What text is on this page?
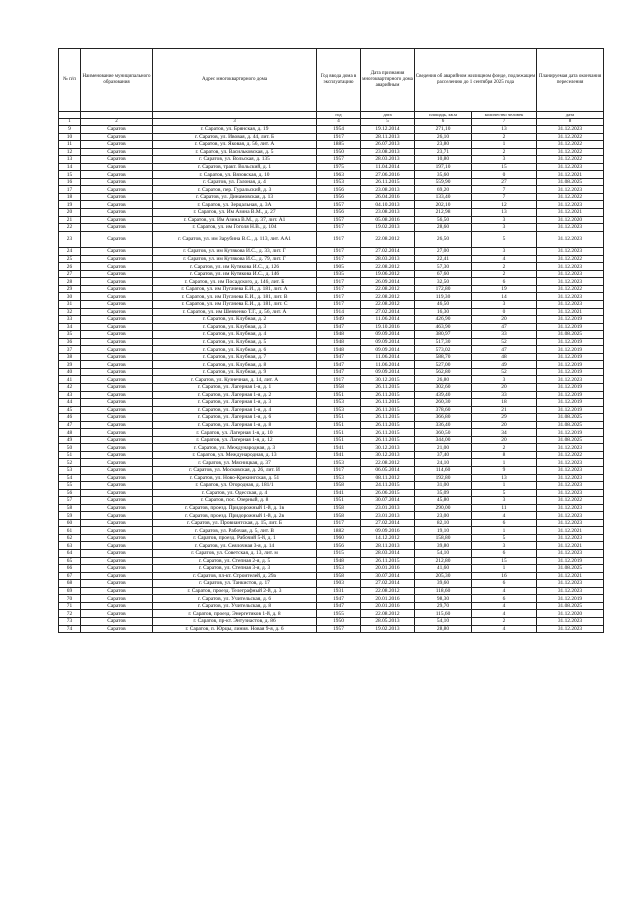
№ п/п	Наименование муниципального образования	Адрес многоквартирного дома	Год ввода дома в эксплуатацию	Дата признания многоквартирного дома аварийным	Сведения об аварийном жилищном фонде, подлежащем расселению до 1 сентября 2025 года		Планируемая дата окончания переселения
			год	дата	площадь, кв.м	количество человек	дата
1	2	3	4	5	6	7	8
9	Саратов	г. Саратов, ул. Брянская, д. 19	1954	19.12.2014	271,10	13	31.12.2023
10	Саратов	г. Саратов, ул. Ивовая, д. 44, лит. Б	1917	28.11.2013	26,10	2	31.12.2022
11	Саратов	г. Саратов, ул. Яковая, д. 56, лит. А	1885	26.07.2013	23,80	1	31.12.2022
12	Саратов	г. Саратов, ул. Васильковская, д. 5	1950	23.08.2013	23,71	2	31.12.2022
13	Саратов	г. Саратов, ул. Вольская, д. 135	1957	28.03.2013	10,80	3	31.12.2022
14	Саратов	г. Саратов, тракт. Вольский, д. 1	1975	11.04.2014	197,10	15	31.12.2023
15	Саратов	г. Саратов, ул. Вязовская, д. 10	1963	27.06.2016	35,60	0	31.12.2021
16	Саратов	г. Саратов, ул. Галоная, д. 4	1953	26.11.2015	559,90	27	31.08.2025
17	Саратов	г. Саратов, пер. Гуральский, д. 3	1956	23.08.2013	69,20	7	31.12.2023
18	Саратов	г. Саратов, ул. Динамовская, д. 13	1956	26.04.2016	133,40	7	31.12.2022
19	Саратов	г. Саратов, ул. Зерцальная, д. 3А	1957	04.10.2013	202,10	12	31.12.2023
20	Саратов	г. Саратов, ул. Им Азина В.М., д. 27	1956	23.08.2013	212,98	13	31.12.2021
21	Саратов	г. Саратов, ул. Им Азина В.М., д. 37, лит. А1	1957	05.08.2016	56,50	3	31.12.2020
22	Саратов	г. Саратов, ул. им Гоголя Н.В., д. 104	1917	19.02.2013	28,60	3	31.12.2023
23	Саратов	г. Саратов, ул. им Зарубина В.С., д. 113, лит. АА1	1917	22.08.2012	26,50	5	31.12.2023
24	Саратов	г. Саратов, ул. им Кутякова И.С., д. 33, лит. Г	1917	27.02.2014	27,00	3	31.12.2023
25	Саратов	г. Саратов, ул. им Кутякова И.С., д. 79, лит. Г	1917	28.03.2013	22,41	4	31.12.2022
26	Саратов	г. Саратов, ул. им Кутякова И.С., д. 126	1905	22.08.2012	57,30	2	31.12.2023
27	Саратов	г. Саратов, ул. им Кутякова И.С., д. 146	1935	19.06.2012	67,60	2	31.12.2023
28	Саратов	г. Саратов, ул. им Посадского, д. 146, лит. Б	1917	26.09.2014	32,50	6	31.12.2023
29	Саратов	г. Саратов, ул. им Пугачева Е.И., д. 181, лит. А	1917	22.08.2012	172,80	19	31.12.2022
30	Саратов	г. Саратов, ул. им Пугачева Е.И., д. 181, лит. В	1917	22.08.2012	119,30	14	31.12.2023
31	Саратов	г. Саратов, ул. им Пугачева Е.И., д. 181, лит. С	1917	22.08.2012	46,50	3	31.12.2023
32	Саратов	г. Саратов, ул. им Шевченко Т.Г., д. 56, лит. А	1914	27.02.2014	16,30	0	31.12.2021
33	Саратов	г. Саратов, ул. Клубная, д. 2	1949	11.06.2014	426,90	20	31.12.2019
34	Саратов	г. Саратов, ул. Клубная, д. 3	1947	19.10.2016	463,90	47	31.12.2019
35	Саратов	г. Саратов, ул. Клубная, д. 4	1948	09.09.2014	380,97	33	31.08.2025
36	Саратов	г. Саратов, ул. Клубная, д. 5	1948	09.09.2014	517,30	52	31.12.2019
37	Саратов	г. Саратов, ул. Клубная, д. 6	1948	09.09.2014	573,02	47	31.12.2019
38	Саратов	г. Саратов, ул. Клубная, д. 7	1947	11.06.2014	588,70	48	31.12.2019
39	Саратов	г. Саратов, ул. Клубная, д. 8	1947	11.06.2014	527,00	49	31.12.2019
40	Саратов	г. Саратов, ул. Клубная, д. 9	1947	09.09.2014	562,80	52	31.12.2019
41	Саратов	г. Саратов, ул. Кузнечная, д. 14, лит. А	1917	30.12.2015	26,80	3	31.12.2023
42	Саратов	г. Саратов, ул. Лагерная 1-я, д. 1	1958	26.11.2015	302,60	20	31.12.2019
43	Саратов	г. Саратов, ул. Лагерная 1-я, д. 2	1951	26.11.2015	439,40	33	31.12.2019
44	Саратов	г. Саратов, ул. Лагерная 1-я, д. 3	1953	26.11.2015	260,30	18	31.12.2019
45	Саратов	г. Саратов, ул. Лагерная 1-я, д. 4	1953	26.11.2015	378,60	21	31.12.2019
46	Саратов	г. Саратов, ул. Лагерная 1-я, д. 6	1951	26.11.2015	366,80	29	31.08.2025
47	Саратов	г. Саратов, ул. Лагерная 1-я, д. 8	1951	26.11.2015	336,40	20	31.08.2025
48	Саратов	г. Саратов, ул. Лагерная 1-я, д. 10	1951	26.11.2015	360,50	34	31.12.2019
49	Саратов	г. Саратов, ул. Лагерная 1-я, д. 12	1951	26.11.2015	344,00	20	31.08.2025
50	Саратов	г. Саратов, ул. Международная, д. 3	1941	30.12.2013	21,00	2	31.12.2023
51	Саратов	г. Саратов, ул. Международная, д. 13	1941	30.12.2013	37,40	8	31.12.2022
52	Саратов	г. Саратов, ул. Мясницкая, д. 37	1953	22.08.2012	24,10	1	31.12.2023
53	Саратов	г. Саратов, ул. Московская, д. 26, лит. И	1917	06.05.2014	114,60	9	31.12.2023
54	Саратов	г. Саратов, ул. Ново-Крекингская, д. 51	1953	08.11.2012	192,80	13	31.12.2023
55	Саратов	г. Саратов, ул. Огородная, д. 181/1	1958	24.11.2015	31,00	1	31.12.2023
56	Саратов	г. Саратов, ул. Одесская, д. 4	1941	26.06.2015	35,09	5	31.12.2023
57	Саратов	г. Саратов, пос. Озерный, д. 8	1951	30.07.2014	45,80	3	31.12.2022
58	Саратов	г. Саратов, проезд. Придорожный 1-й, д. 1в	1958	23.01.2013	290,00	11	31.12.2023
59	Саратов	г. Саратов, проезд. Придорожный 1-й, д. 2в	1958	23.01.2013	23,00	4	31.12.2023
60	Саратов	г. Саратов, ул. Провиантская, д. 15, лит. Б	1917	27.02.2014	82,10	6	31.12.2023
61	Саратов	г. Саратов, ул. Рабочая, д. 5, лит. В	1882	09.09.2016	19,10	1	31.12.2021
62	Саратов	г. Саратов, проезд. Рабочий 5-й, д. 1	1960	14.12.2012	158,80	5	31.12.2023
63	Саратов	г. Саратов, ул. Сеялочная 3-я, д. 14	1956	28.11.2013	39,80	3	31.12.2021
64	Саратов	г. Саратов, ул. Советская, д. 13, лит. м	1915	28.03.2014	54,10	6	31.12.2023
65	Саратов	г. Саратов, ул. Степная 2-я, д. 5	1948	26.11.2015	212,80	15	31.12.2019
66	Саратов	г. Саратов, ул. Степная 3-я, д. 3	1953	20.01.2016	41,60	1	31.08.2025
67	Саратов	г. Саратов, пл-кт. Строителей, д. 29а	1958	30.07.2014	205,30	16	31.12.2021
68	Саратов	г. Саратов, ул. Танкистов, д. 17	1903	27.02.2014	39,60	6	31.12.2023
69	Саратов	г. Саратов, проезд. Телеграфный 2-й, д. 3	1931	22.08.2012	118,60	4	31.12.2023
70	Саратов	г. Саратов, ул. Учительская, д. 6	1947	20.01.2016	98,30	6	31.12.2019
71	Саратов	г. Саратов, ул. Учительская, д. 8	1947	20.01.2016	29,70	4	31.08.2025
72	Саратов	г. Саратов, проезд. Энергетиков 1-й, д. 8	1955	22.08.2012	115,60	4	31.12.2020
73	Саратов	г. Саратов, пр-кт. Энтузиастов, д. 86	1950	28.05.2013	54,10	2	31.12.2023
74	Саратов	г. Саратов, п. Юрцы, линия. Новая 9-я, д. 6	1957	19.02.2013	28,80	4	31.12.2023
